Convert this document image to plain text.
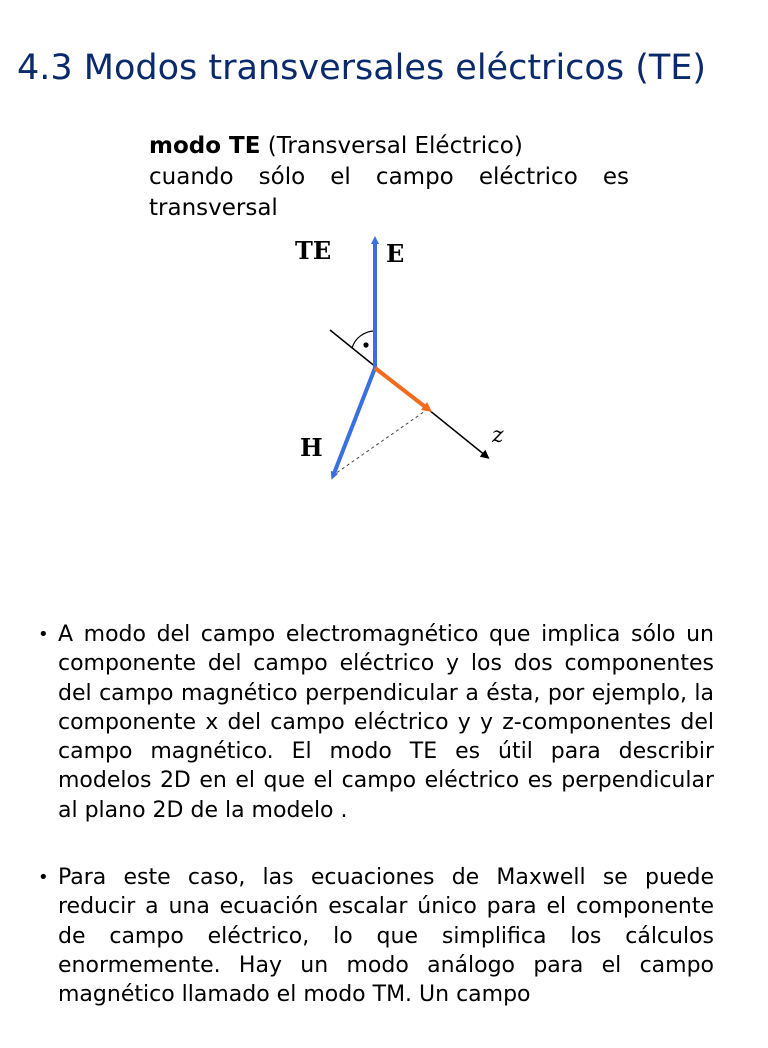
4.3 Modos transversales eléctricos (TE)
modo TE (Transversal Eléctrico)
cuando sólo el campo eléctrico es
transversal
TE E
H	z
• A modo del campo electromagnético que implica sólo un componente del campo eléctrico y los dos componentes del campo magnético perpendicular a ésta, por ejemplo, la componente x del campo eléctrico y y z-componentes del campo magnético. El modo TE es útil para describir modelos 2D en el que el campo eléctrico es perpendicular al plano 2D de la modelo .
• Para este caso, las ecuaciones de Maxwell se puede reducir a una ecuación escalar único para el componente de campo eléctrico, lo que simplifica los cálculos enormemente. Hay un modo análogo para el campo magnético llamado el modo TM. Un campo
